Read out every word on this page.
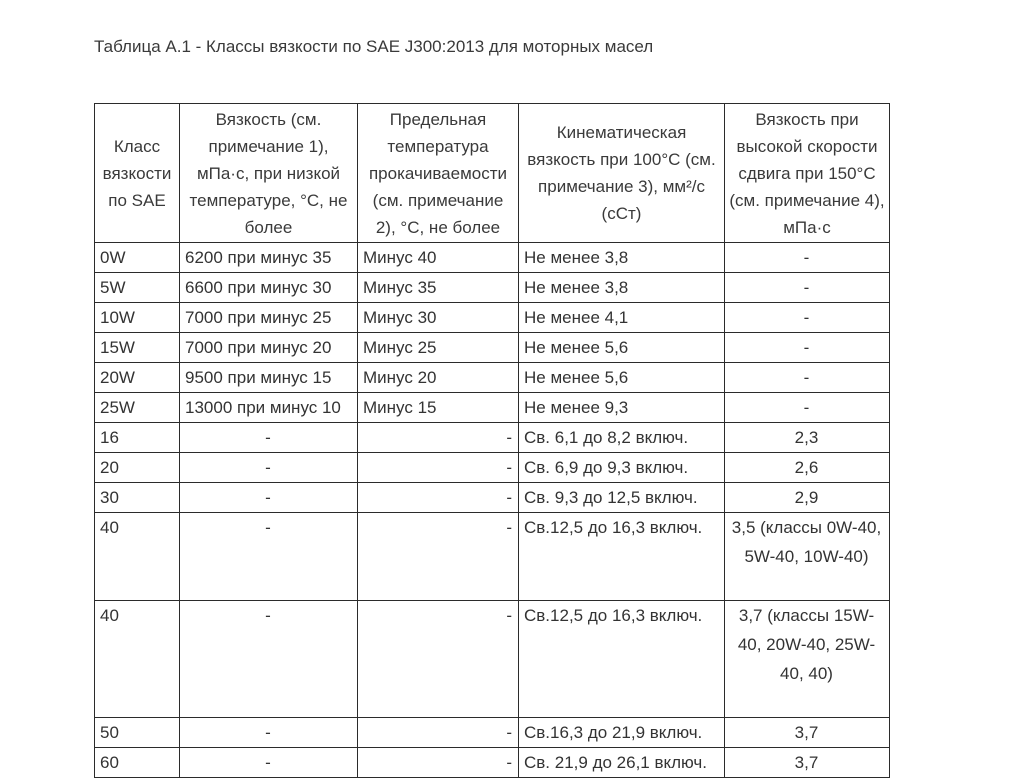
Таблица А.1 - Классы вязкости по SAE J300:2013 для моторных масел
Класс вязкости по SAE	Вязкость (см. примечание 1), мПа·с, при низкой температуре, °С, не более	Предельная температура прокачиваемости (см. примечание 2), °С, не более	Кинематическая вязкость при 100°С (см. примечание 3), мм²/с (сСт)	Вязкость при высокой скорости сдвига при 150°С (см. примечание 4), мПа·с
0W	6200 при минус 35	Минус 40	Не менее 3,8	-
5W	6600 при минус 30	Минус 35	Не менее 3,8	-
10W	7000 при минус 25	Минус 30	Не менее 4,1	-
15W	7000 при минус 20	Минус 25	Не менее 5,6	-
20W	9500 при минус 15	Минус 20	Не менее 5,6	-
25W	13000 при минус 10	Минус 15	Не менее 9,3	-
16	-	-	Св. 6,1 до 8,2 включ.	2,3
20	-	-	Св. 6,9 до 9,3 включ.	2,6
30	-	-	Св. 9,3 до 12,5 включ.	2,9
40	-	-	Св.12,5 до 16,3 включ.	3,5 (классы 0W-40, 5W-40, 10W-40)
40	-	-	Св.12,5 до 16,3 включ.	3,7 (классы 15W-40, 20W-40, 25W-40, 40)
50	-	-	Св.16,3 до 21,9 включ.	3,7
60	-	-	Св. 21,9 до 26,1 включ.	3,7
